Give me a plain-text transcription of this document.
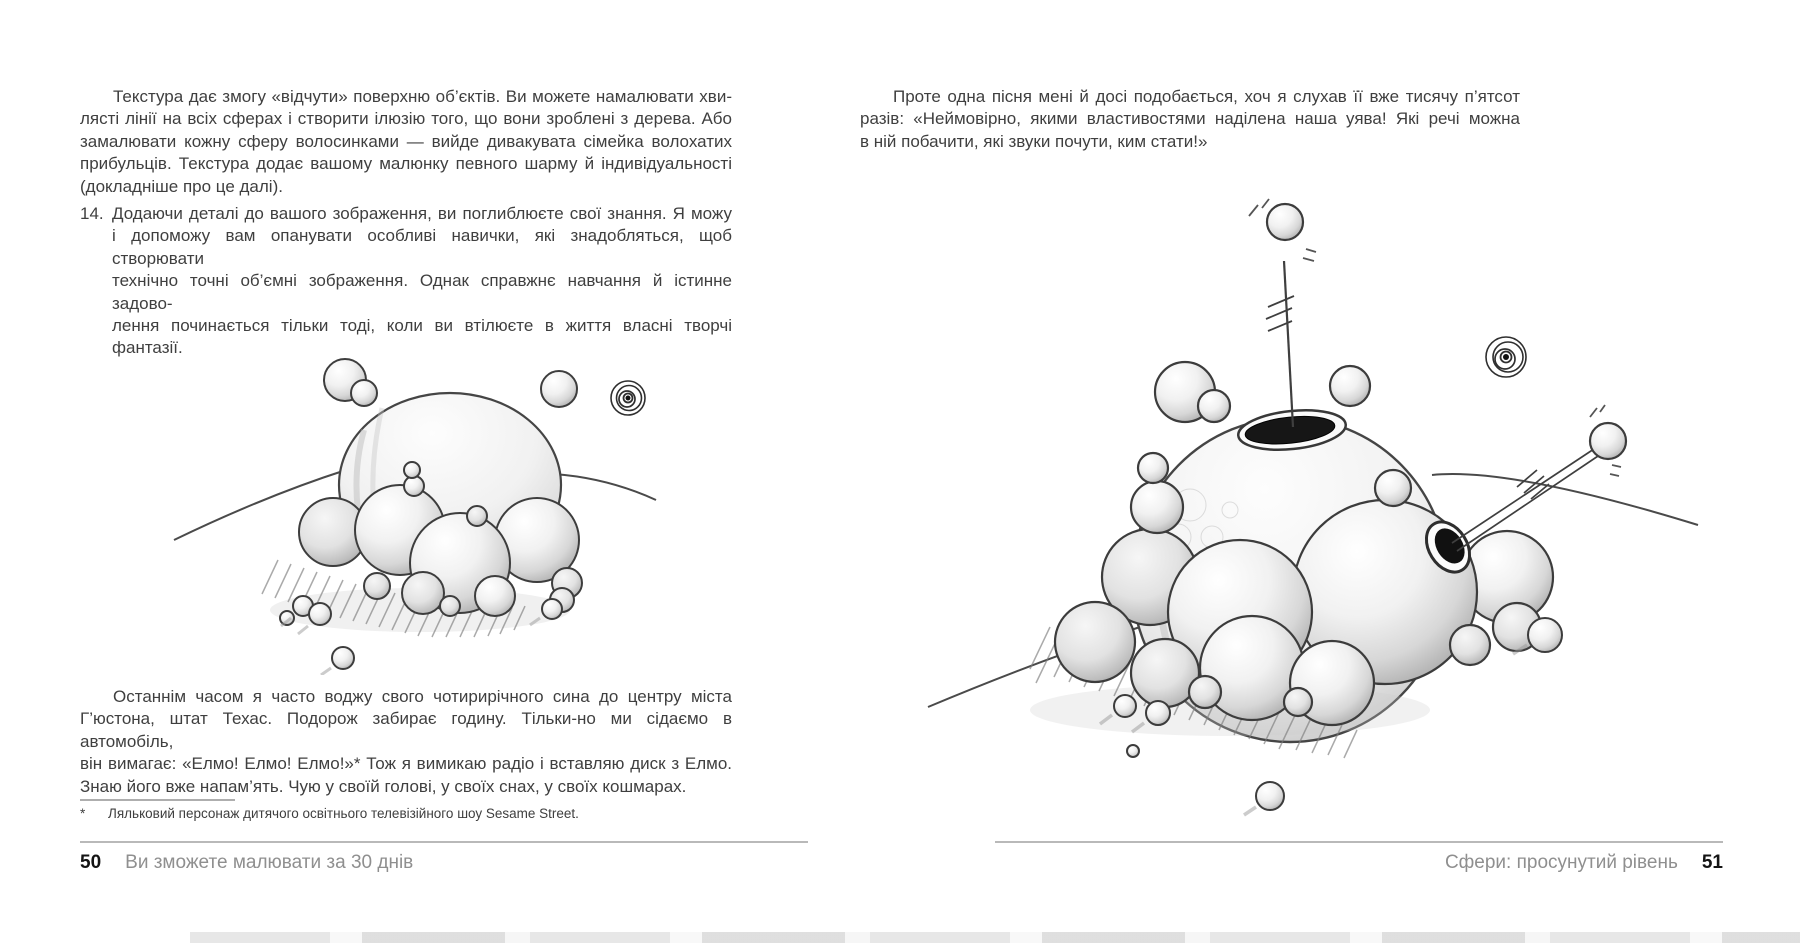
Текстура дає змогу «відчути» поверхню об’єктів. Ви можете намалювати хви-
лясті лінії на всіх сферах і створити ілюзію того, що вони зроблені з дерева. Або
замалювати кожну сферу волосинками — вийде дивакувата сімейка волохатих
прибульців. Текстура додає вашому малюнку певного шарму й індивідуальності
(докладніше про це далі).
14. Додаючи деталі до вашого зображення, ви поглиблюєте свої знання. Я можу
і допоможу вам опанувати особливі навички, які знадобляться, щоб створювати
технічно точні об’ємні зображення. Однак справжнє навчання й істинне задово-
лення починається тільки тоді, коли ви втілюєте в життя власні творчі фантазії.
Останнім часом я часто воджу свого чотирирічного сина до центру міста
Г’юстона, штат Техас. Подорож забирає годину. Тільки-но ми сідаємо в автомобіль,
він вимагає: «Елмо! Елмо! Елмо!»* Тож я вимикаю радіо і вставляю диск з Елмо.
Знаю його вже напам’ять. Чую у своїй голові, у своїх снах, у своїх кошмарах.
* Ляльковий персонаж дитячого освітнього телевізійного шоу Sesame Street.
50 Ви зможете малювати за 30 днів
Проте одна пісня мені й досі подобається, хоч я слухав її вже тисячу п’ятсот
разів: «Неймовірно, якими властивостями наділена наша уява! Які речі можна
в ній побачити, які звуки почути, ким стати!»
Сфери: просунутий рівень 51
